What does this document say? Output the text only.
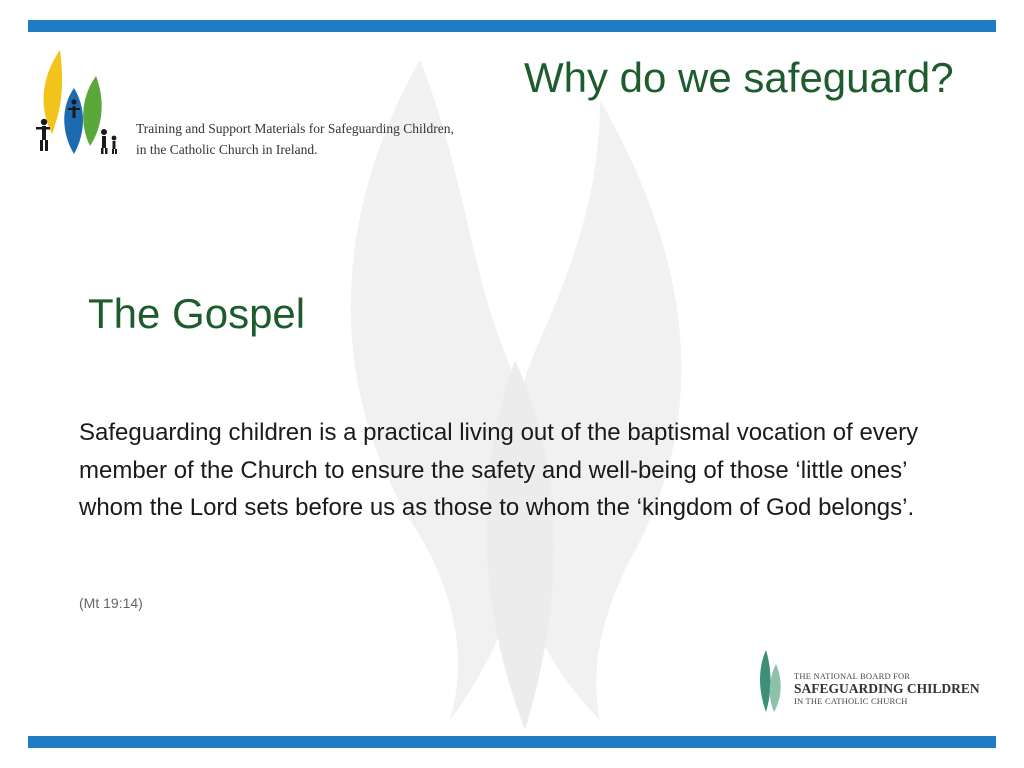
Training and Support Materials for Safeguarding Children,
in the Catholic Church in Ireland.
Why do we safeguard?
The Gospel
Safeguarding children is a practical living out of the baptismal vocation of every member of the Church to ensure the safety and well-being of those ‘little ones’ whom the Lord sets before us as those to whom the ‘kingdom of God belongs’.
(Mt 19:14)
THE NATIONAL BOARD FOR
SAFEGUARDING CHILDREN
IN THE CATHOLIC CHURCH
